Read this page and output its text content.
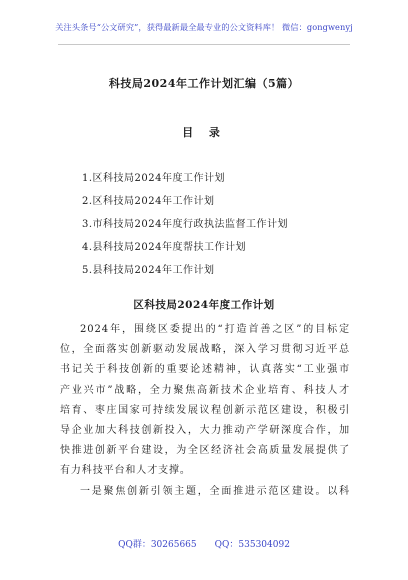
关注头条号“公文研究”，获得最新最全最专业的公文资料库！ 微信：gongwenyj
科技局2024年工作计划汇编（5篇）
目 录
1.区科技局2024年度工作计划
2.区科技局2024年工作计划
3.市科技局2024年度行政执法监督工作计划
4.县科技局2024年度帮扶工作计划
5.县科技局2024年工作计划
区科技局2024年度工作计划

2024年，围绕区委提出的“打造首善之区”的目标定
位，全面落实创新驱动发展战略，深入学习贯彻习近平总
书记关于科技创新的重要论述精神，认真落实“工业强市
产业兴市”战略，全力聚焦高新技术企业培育、科技人才
培育、枣庄国家可持续发展议程创新示范区建设，积极引
导企业加大科技创新投入，大力推动产学研深度合作，加
快推进创新平台建设，为全区经济社会高质量发展提供了
有力科技平台和人才支撑。

一是聚焦创新引领主题，全面推进示范区建设。以科

QQ群：30265665 QQ：535304092
